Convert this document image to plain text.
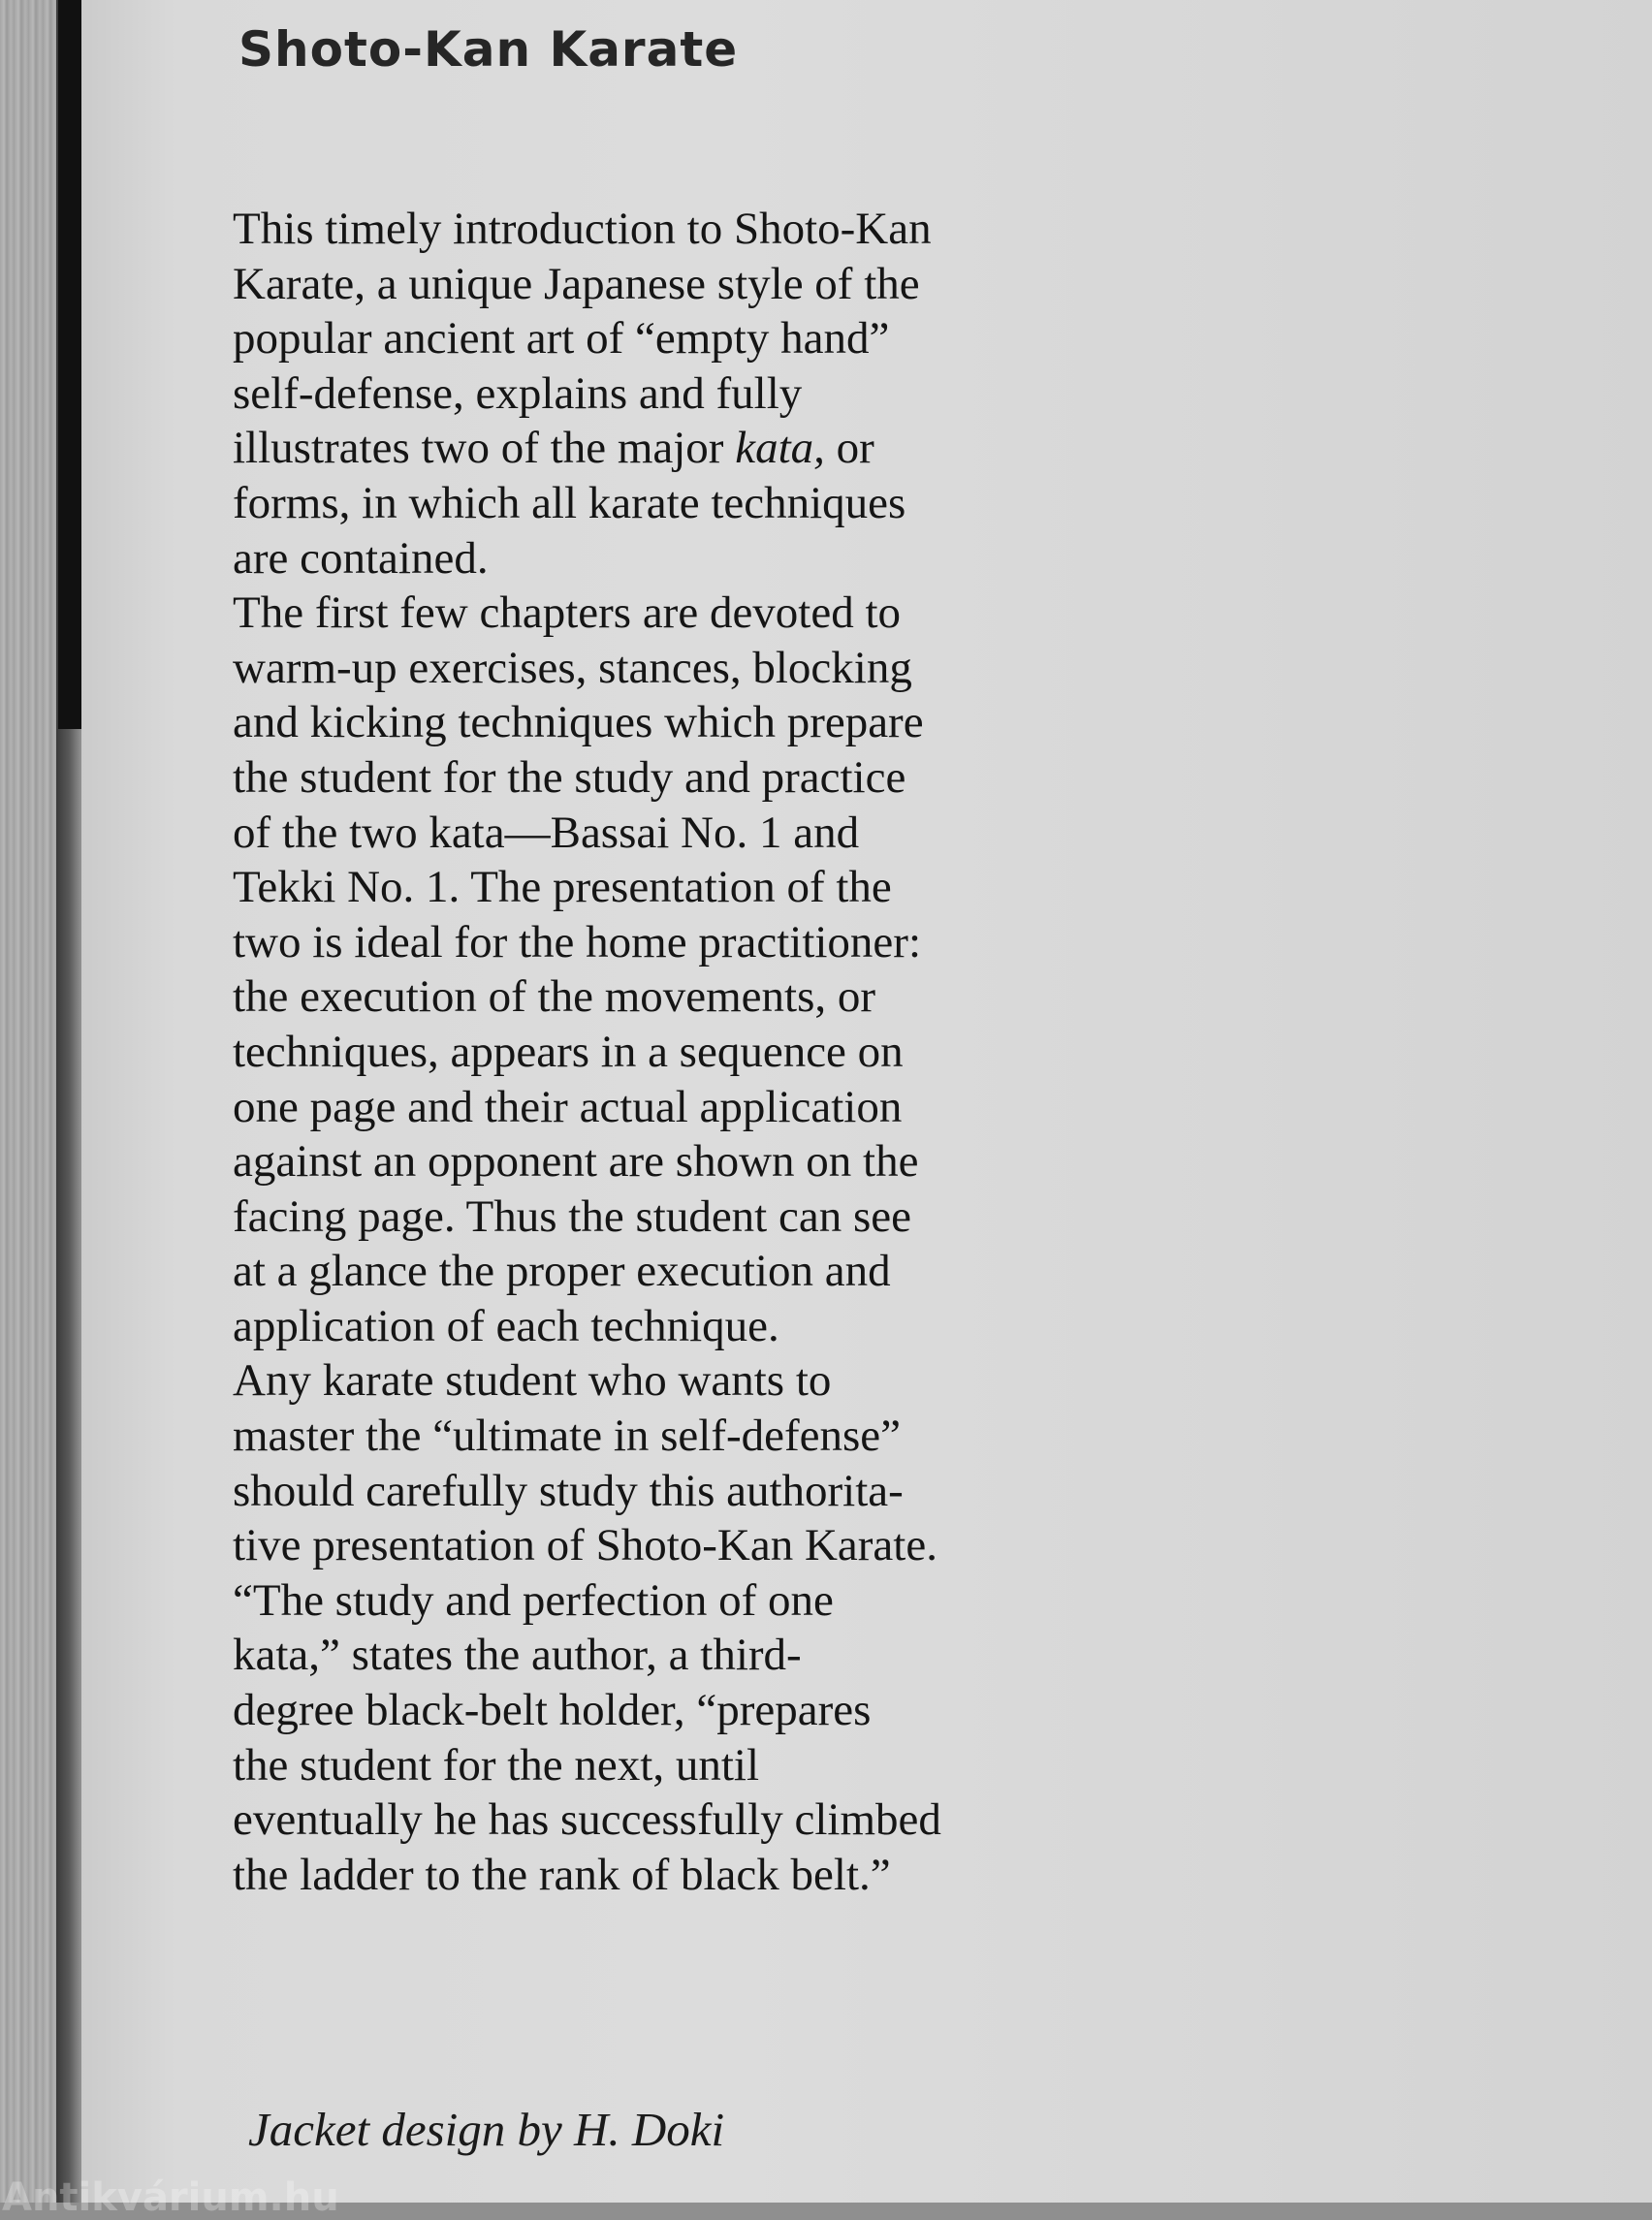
Shoto-Kan Karate
This timely introduction to Shoto-Kan
Karate, a unique Japanese style of the
popular ancient art of “empty hand”
self-defense, explains and fully
illustrates two of the major kata, or
forms, in which all karate techniques
are contained.
The first few chapters are devoted to
warm-up exercises, stances, blocking
and kicking techniques which prepare
the student for the study and practice
of the two kata—Bassai No. 1 and
Tekki No. 1. The presentation of the
two is ideal for the home practitioner:
the execution of the movements, or
techniques, appears in a sequence on
one page and their actual application
against an opponent are shown on the
facing page. Thus the student can see
at a glance the proper execution and
application of each technique.
Any karate student who wants to
master the “ultimate in self-defense”
should carefully study this authorita-
tive presentation of Shoto-Kan Karate.
“The study and perfection of one
kata,” states the author, a third-
degree black-belt holder, “prepares
the student for the next, until
eventually he has successfully climbed
the ladder to the rank of black belt.”

Jacket design by H. Doki

Antikvárium.hu
